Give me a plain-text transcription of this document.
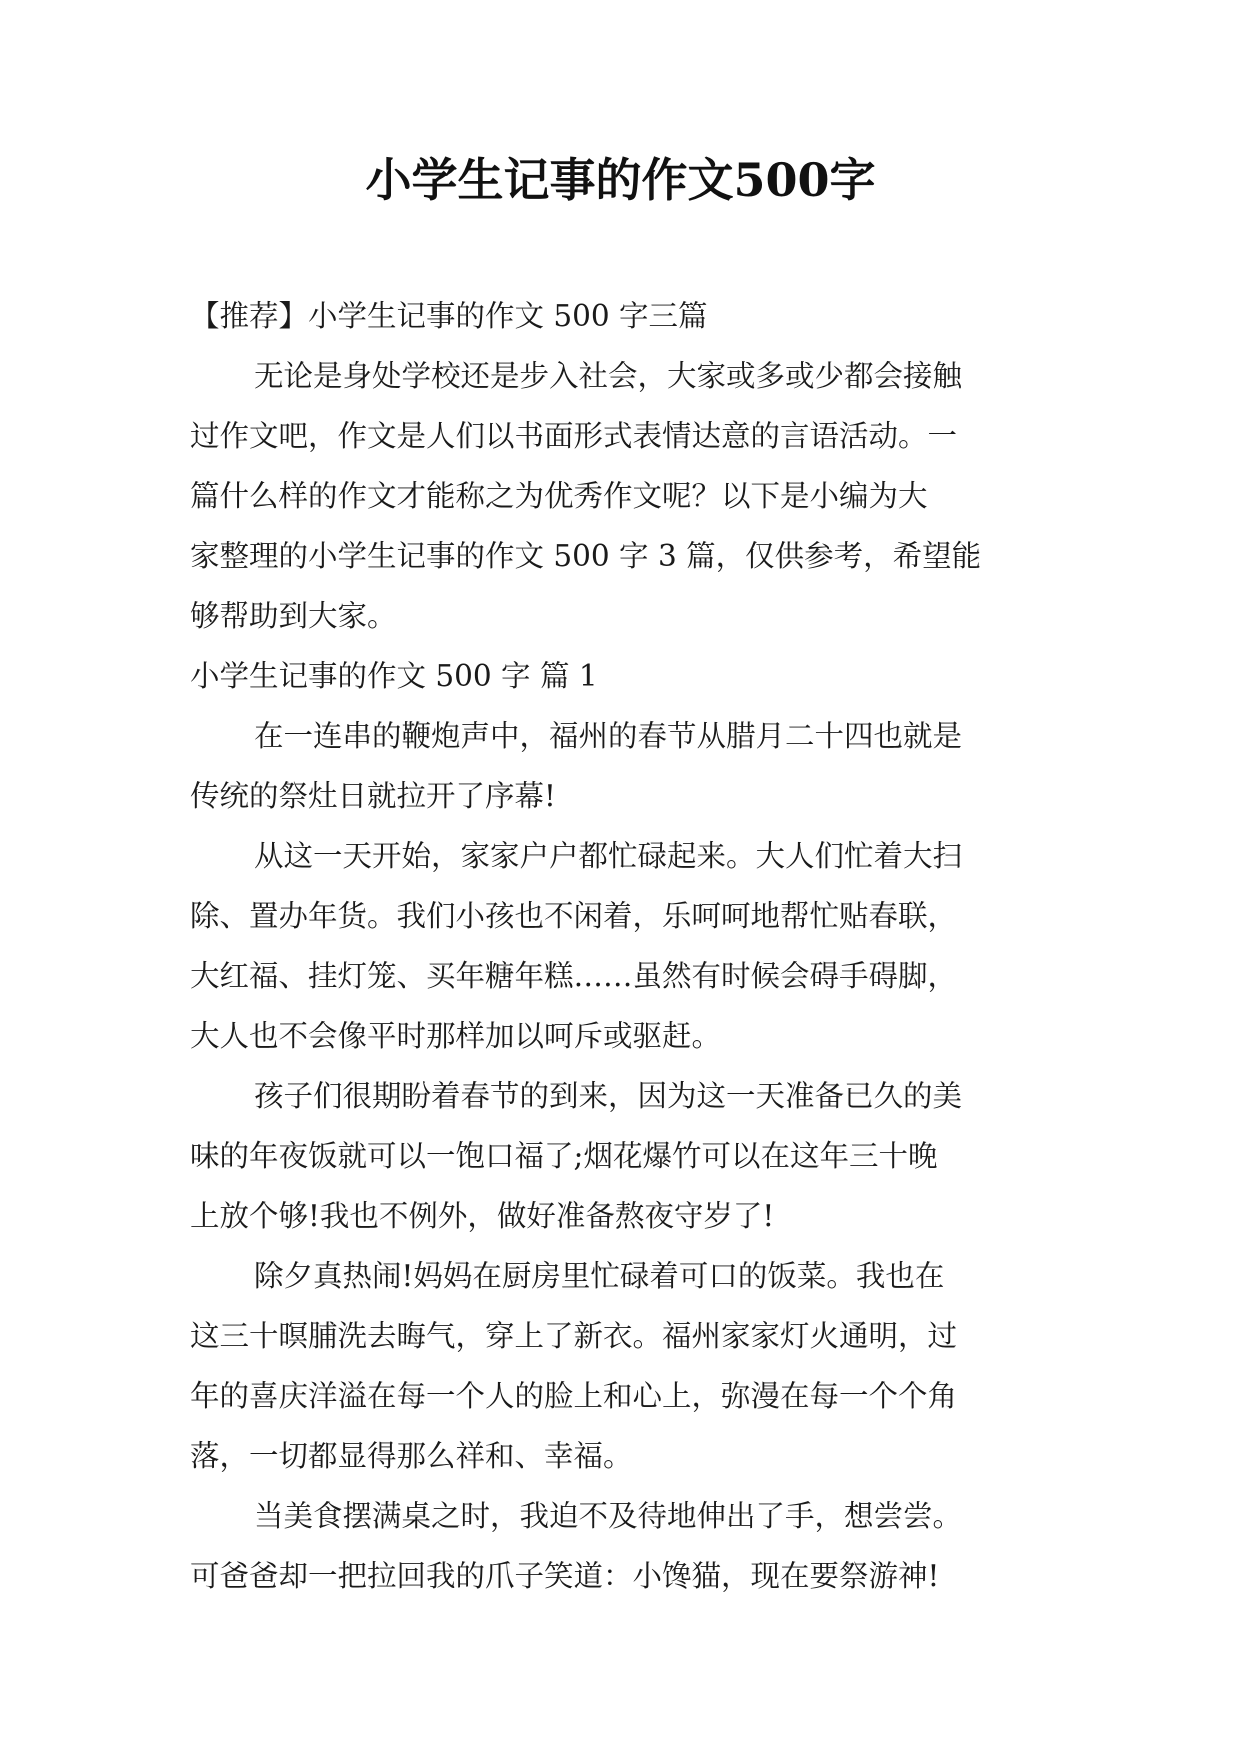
小学生记事的作文500字

【推荐】小学生记事的作文 500 字三篇

无论是身处学校还是步入社会，大家或多或少都会接触

过作文吧，作文是人们以书面形式表情达意的言语活动。一

篇什么样的作文才能称之为优秀作文呢？以下是小编为大

家整理的小学生记事的作文 500 字 3 篇，仅供参考，希望能

够帮助到大家。

小学生记事的作文 500 字 篇 1

在一连串的鞭炮声中，福州的春节从腊月二十四也就是

传统的祭灶日就拉开了序幕!

从这一天开始，家家户户都忙碌起来。大人们忙着大扫

除、置办年货。我们小孩也不闲着，乐呵呵地帮忙贴春联，

大红福、挂灯笼、买年糖年糕……虽然有时候会碍手碍脚，

大人也不会像平时那样加以呵斥或驱赶。

孩子们很期盼着春节的到来，因为这一天准备已久的美

味的年夜饭就可以一饱口福了;烟花爆竹可以在这年三十晚

上放个够!我也不例外，做好准备熬夜守岁了!

除夕真热闹!妈妈在厨房里忙碌着可口的饭菜。我也在

这三十暝脯洗去晦气，穿上了新衣。福州家家灯火通明，过

年的喜庆洋溢在每一个人的脸上和心上，弥漫在每一个个角

落，一切都显得那么祥和、幸福。

当美食摆满桌之时，我迫不及待地伸出了手，想尝尝。

可爸爸却一把拉回我的爪子笑道：小馋猫，现在要祭游神!
